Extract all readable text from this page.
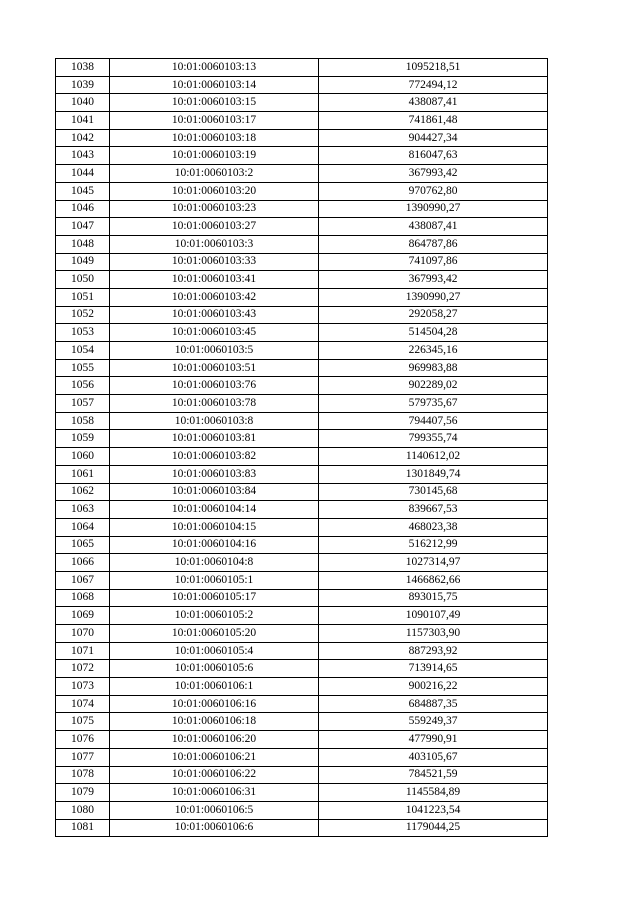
1038	10:01:0060103:13	1095218,51
1039	10:01:0060103:14	772494,12
1040	10:01:0060103:15	438087,41
1041	10:01:0060103:17	741861,48
1042	10:01:0060103:18	904427,34
1043	10:01:0060103:19	816047,63
1044	10:01:0060103:2	367993,42
1045	10:01:0060103:20	970762,80
1046	10:01:0060103:23	1390990,27
1047	10:01:0060103:27	438087,41
1048	10:01:0060103:3	864787,86
1049	10:01:0060103:33	741097,86
1050	10:01:0060103:41	367993,42
1051	10:01:0060103:42	1390990,27
1052	10:01:0060103:43	292058,27
1053	10:01:0060103:45	514504,28
1054	10:01:0060103:5	226345,16
1055	10:01:0060103:51	969983,88
1056	10:01:0060103:76	902289,02
1057	10:01:0060103:78	579735,67
1058	10:01:0060103:8	794407,56
1059	10:01:0060103:81	799355,74
1060	10:01:0060103:82	1140612,02
1061	10:01:0060103:83	1301849,74
1062	10:01:0060103:84	730145,68
1063	10:01:0060104:14	839667,53
1064	10:01:0060104:15	468023,38
1065	10:01:0060104:16	516212,99
1066	10:01:0060104:8	1027314,97
1067	10:01:0060105:1	1466862,66
1068	10:01:0060105:17	893015,75
1069	10:01:0060105:2	1090107,49
1070	10:01:0060105:20	1157303,90
1071	10:01:0060105:4	887293,92
1072	10:01:0060105:6	713914,65
1073	10:01:0060106:1	900216,22
1074	10:01:0060106:16	684887,35
1075	10:01:0060106:18	559249,37
1076	10:01:0060106:20	477990,91
1077	10:01:0060106:21	403105,67
1078	10:01:0060106:22	784521,59
1079	10:01:0060106:31	1145584,89
1080	10:01:0060106:5	1041223,54
1081	10:01:0060106:6	1179044,25
